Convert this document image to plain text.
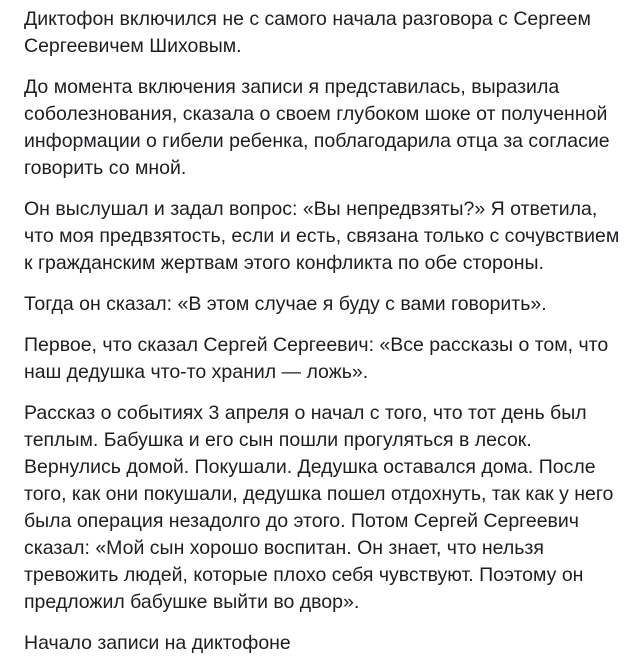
Диктофон включился не с самого начала разговора с Сергеем Сергеевичем Шиховым.

До момента включения записи я представилась, выразила соболезнования, сказала о своем глубоком шоке от полученной информации о гибели ребенка, поблагодарила отца за согласие говорить со мной.

Он выслушал и задал вопрос: «Вы непредвзяты?» Я ответила, что моя предвзятость, если и есть, связана только с сочувствием к гражданским жертвам этого конфликта по обе стороны.

Тогда он сказал: «В этом случае я буду с вами говорить».

Первое, что сказал Сергей Сергеевич: «Все рассказы о том, что наш дедушка что-то хранил — ложь».

Рассказ о событиях 3 апреля о начал с того, что тот день был теплым. Бабушка и его сын пошли прогуляться в лесок. Вернулись домой. Покушали. Дедушка оставался дома. После того, как они покушали, дедушка пошел отдохнуть, так как у него была операция незадолго до этого. Потом Сергей Сергеевич сказал: «Мой сын хорошо воспитан. Он знает, что нельзя тревожить людей, которые плохо себя чувствуют. Поэтому он предложил бабушке выйти во двор».

Начало записи на диктофоне
